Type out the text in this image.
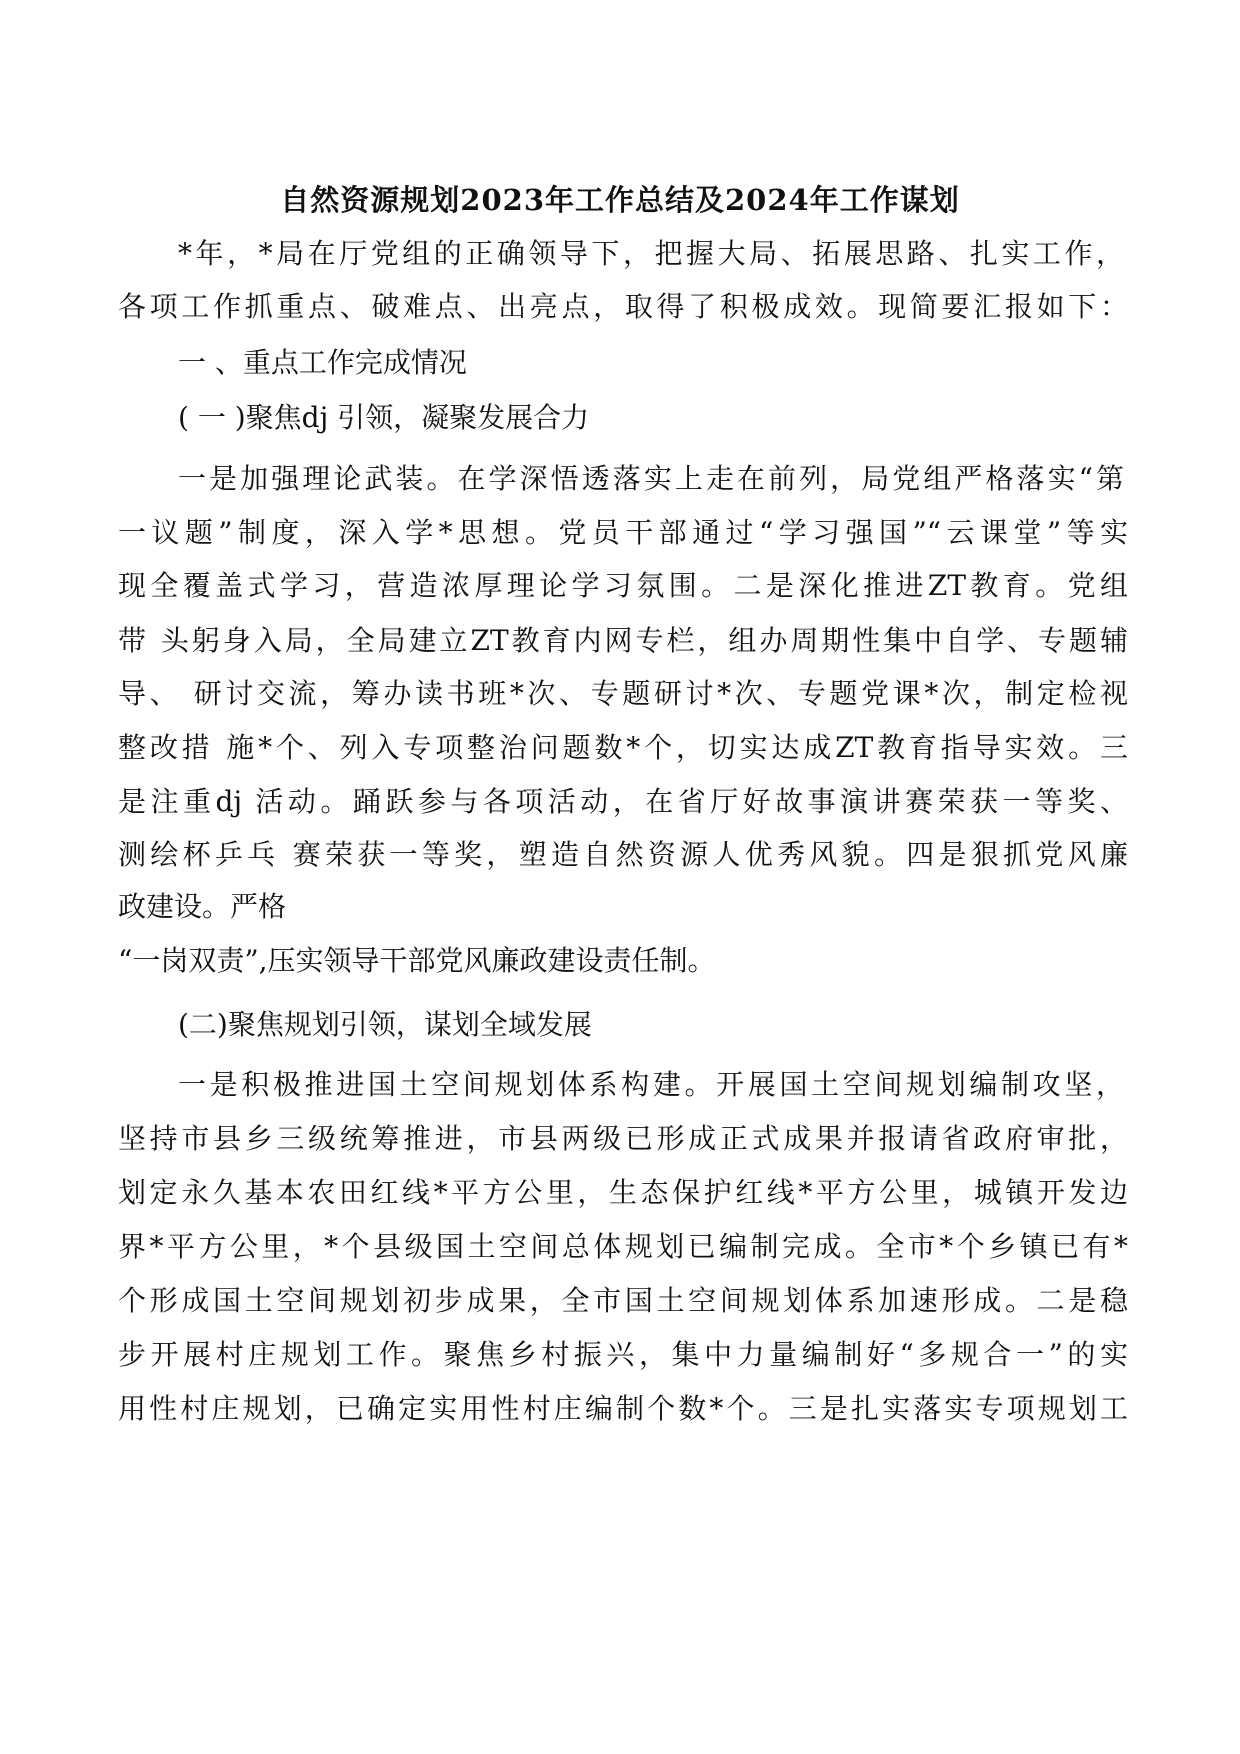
自然资源规划2023年工作总结及2024年工作谋划
*年，*局在厅党组的正确领导下，把握大局、拓展思路、扎实工作，
各项工作抓重点、破难点、出亮点，取得了积极成效。现简要汇报如下：
一 、重点工作完成情况
( 一 )聚焦dj 引领，凝聚发展合力
一是加强理论武装。在学深悟透落实上走在前列，局党组严格落实“第
一议题”制度，深入学*思想。党员干部通过“学习强国”“云课堂”等实
现全覆盖式学习，营造浓厚理论学习氛围。二是深化推进ZT教育。党组
带 头躬身入局，全局建立ZT教育内网专栏，组办周期性集中自学、专题辅
导、 研讨交流，筹办读书班*次、专题研讨*次、专题党课*次，制定检视
整改措 施*个、列入专项整治问题数*个，切实达成ZT教育指导实效。三
是注重dj 活动。踊跃参与各项活动，在省厅好故事演讲赛荣获一等奖、
测绘杯乒乓 赛荣获一等奖，塑造自然资源人优秀风貌。四是狠抓党风廉
政建设。严格
“一岗双责”,压实领导干部党风廉政建设责任制。
(二)聚焦规划引领，谋划全域发展
一是积极推进国土空间规划体系构建。开展国土空间规划编制攻坚，
坚持市县乡三级统筹推进，市县两级已形成正式成果并报请省政府审批，
划定永久基本农田红线*平方公里，生态保护红线*平方公里，城镇开发边
界*平方公里，*个县级国土空间总体规划已编制完成。全市*个乡镇已有*
个形成国土空间规划初步成果，全市国土空间规划体系加速形成。二是稳
步开展村庄规划工作。聚焦乡村振兴，集中力量编制好“多规合一”的实
用性村庄规划，已确定实用性村庄编制个数*个。三是扎实落实专项规划工
